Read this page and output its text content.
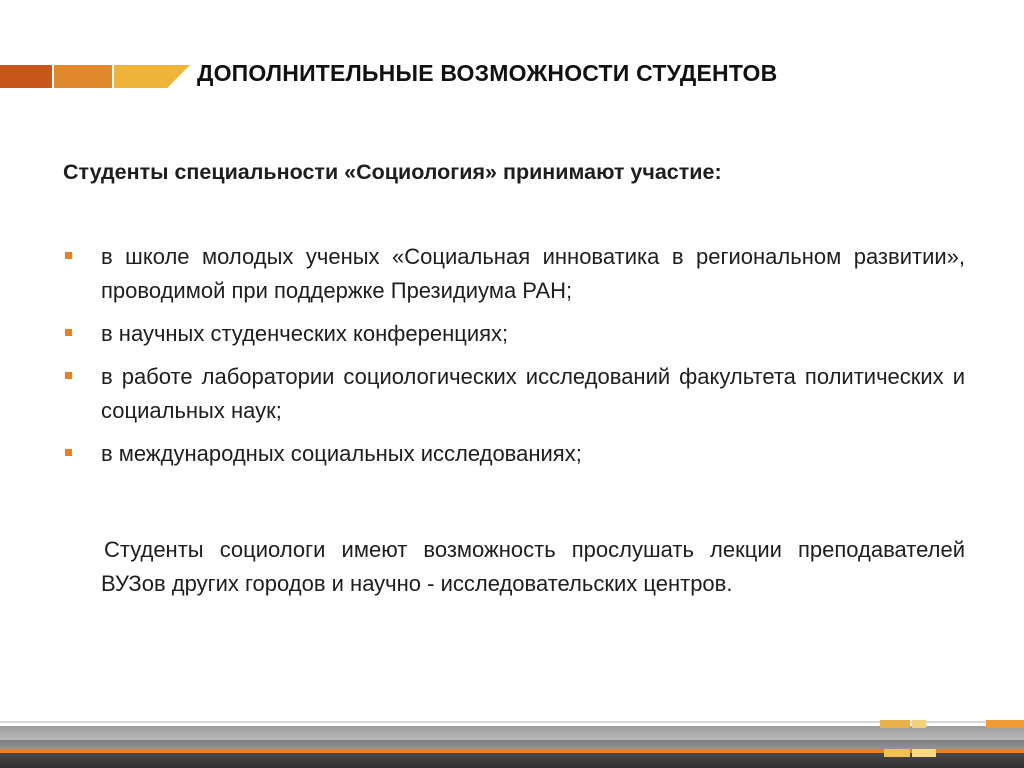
ДОПОЛНИТЕЛЬНЫЕ ВОЗМОЖНОСТИ СТУДЕНТОВ

Студенты специальности «Социология» принимают участие:

в школе молодых ученых «Социальная инноватика в региональном развитии», проводимой при поддержке Президиума РАН;
в научных студенческих конференциях;
в работе лаборатории социологических исследований факультета политических и социальных наук;
в международных социальных исследованиях;

Студенты социологи имеют возможность прослушать лекции преподавателей ВУЗов других городов и научно - исследовательских центров.
